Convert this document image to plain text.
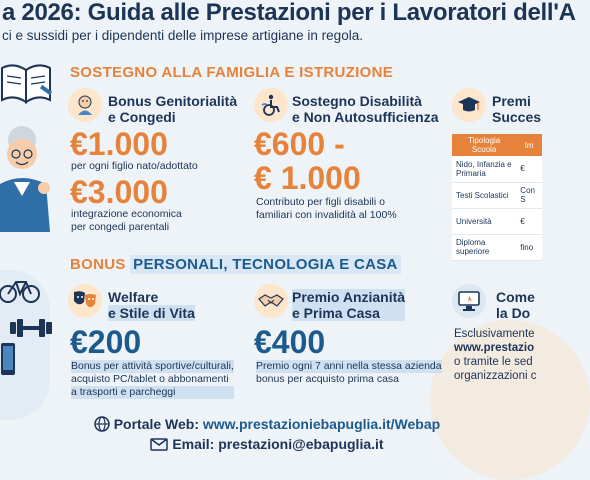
a 2026: Guida alle Prestazioni per i Lavoratori dell'A
ci e sussidi per i dipendenti delle imprese artigiane in regola.
SOSTEGNO ALLA FAMIGLIA E ISTRUZIONE
Bonus Genitorialità
e Congedi
€1.000
per ogni figlio nato/adottato
€3.000
integrazione economica
per congedi parentali
Sostegno Disabilità
e Non Autosufficienza
€600 -
€ 1.000
Contributo per figli disabili o
familiari con invalidità al 100%
Premi
Succes
Tipologia Scuola	Im
Nido, Infanzia e Primaria	€
Testi Scolastici	Con S
Università	€
Diploma superiore	fino
BONUS PERSONALI, TECNOLOGIA E CASA
Welfare
e Stile di Vita
€200
Bonus per attività sportive/culturali,
acquisto PC/tablet o abbonamenti
a trasporti e parcheggi
Premio Anzianità
e Prima Casa
€400
Premio ogni 7 anni nella stessa azienda
bonus per acquisto prima casa
Come
la Do
Esclusivamente
www.prestazio
o tramite le sed
organizzazioni c
Portale Web: www.prestazioniebapuglia.it/Webap
Email: prestazioni@ebapuglia.it
